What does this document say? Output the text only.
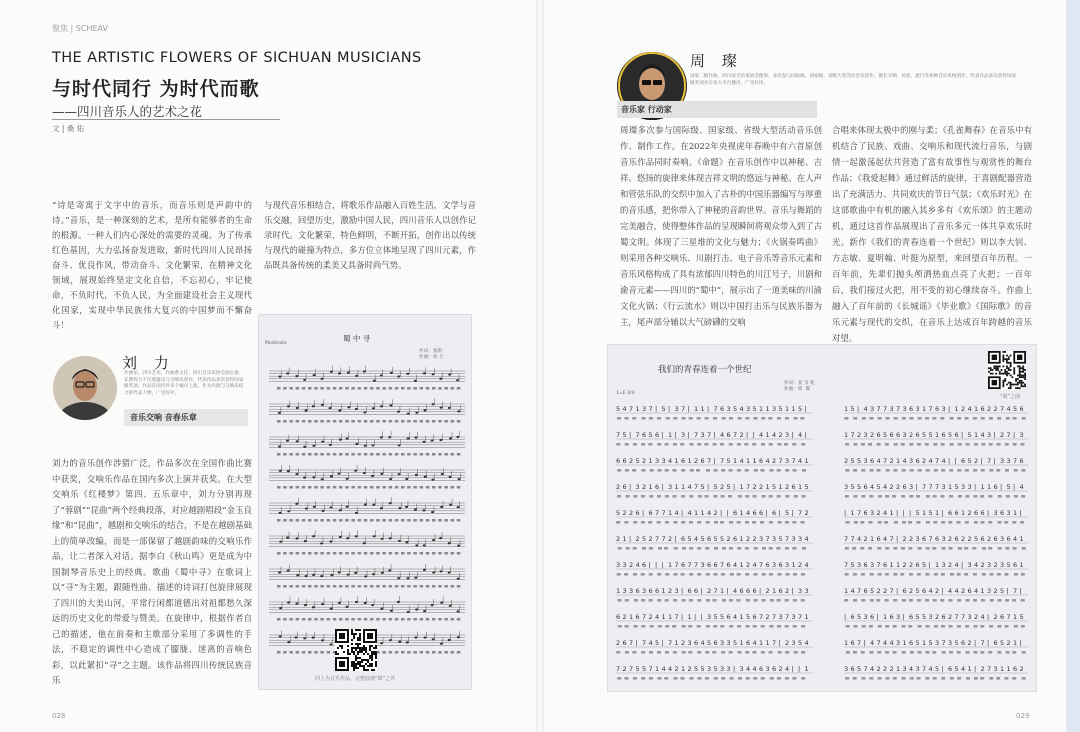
聚焦 | SCHEAV
THE ARTISTIC FLOWERS OF SICHUAN MUSICIANS
与时代同行 为时代而歌
——四川音乐人的艺术之花
文 | 桑 佑
“诗是寄寓于文字中的音乐，而音乐则是声韵中的诗。”音乐，是一种深刻的艺术，是所有能够者的生命的根源。一种人们内心深处的需要的灵魂。为了传承红色基因，大力弘扬奋发进取，新时代四川人民昂扬奋斗、优良作风，带动奋斗、文化繁荣，在精神文化领域，展现始终坚定文化自信，不忘初心，牢记使命，不负时代，不负人民，为全面建设社会主义现代化国家，实现中华民族伟大复兴的中国梦而不懈奋斗！
与现代音乐相结合，将歌乐作品融入百姓生活，文学与音乐交融，回望历史，激励中国人民，四川音乐人以创作记录时代。文化繁荣，特色鲜明，不断开拓，创作出以传统与现代的碰撞为特点，多方位立体地呈现了四川元素，作品既具备传统的柔美又具备时尚气势。
刘 力
作曲家，四川艺术、作曲系主任，四川音乐家协会副主席。长期致力于民族器乐与交响乐创作，代表作品多次获得国家级奖项，作品在国内外多个城市上演，作为川剧与交响乐结合的代表人物，广受好评。
音乐交响 音春乐章
刘力的音乐创作涉猎广泛，作品多次在全国作曲比赛中获奖，交响乐作品在国内多次上演并获奖。在大型交响乐《红楼梦》第四、五乐章中，刘力分别再现了“蓉剧”“昆曲”两个经典段落，对应越剧唱段“金玉良缘”和“昆曲”，越剧和交响乐的结合，不是在越剧基础上的简单改编，而是一部保留了越剧韵味的交响乐作品，让二者深入对话。据李白《秋山鸣》更是成为中国制琴音乐史上的经典。歌曲《蜀中寻》在歌词上以“寻”为主题，跟随性曲、描述的诗词打包旋律展现了四川的大美山河，平常行闲都道德出对祖都愁久深远的历史文化的带爱与赞美。在旋律中，根据作者自己的描述，他在前奏和主歌部分采用了多调性的手法，不稳定的调性中心造成了朦胧、迷离的音响色彩，以此紧扣“寻”之主题。该作品将四川传统民族音乐
蜀 中 寻
作词：张蔚
作曲：刘 力
Moderato
同上为音乐作品，完整曲谱“蜀”之外
周 璨
国家二级作曲，四川省音乐家协会理事，多次参与国际级、国家级、省级大型活动音乐创作。擅长交响、民族、流行等多种音乐风格创作，代表作品多次获得国家级奖项并在各大平台播出，广受好评。
音乐家 行动家
周璨多次参与国际级、国家级、省级大型活动音乐创作、制作工作。在2022年央视虎年春晚中有六首原创音乐作品同时奏响。《命题》在音乐创作中以神秘、吉祥、悠扬的旋律来体现吉祥文明的悠远与神秘。在人声和管弦乐队的交织中加入了古朴的中国乐器编写与厚重的音乐感，把你带入了神秘的音韵世界。音乐与舞蹈的完美融合，使得整体作品的呈现瞬间将观众带入到了古蜀文明。体现了三星堆的文化与魅力；《火锅奏鸣曲》则采用各种交响乐、川剧打击、电子音乐等音乐元素和音乐风格构成了具有浓郁四川特色的川江号子，川剧和渝音元素——四川的“蜀中”，展示出了一道美味的川渝文化火锅；《行云流水》则以中国打击乐与民族乐器为主，尾声部分辅以大气磅礴的交响
合唱来体现太极中的刚与柔；《孔雀舞春》在音乐中有机结合了民族、戏曲、交响乐和现代流行音乐，与剧情一起激荡起伏共营造了富有故事性与观赏性的舞台作品；《我爱起舞》通过鲜活的旋律，于喜剧配器营造出了充满活力、共同欢庆的节日气氛；《欢乐时光》在这部歌曲中有机的融入其乡多有《欢乐颂》的主题动机，通过这首作品展现出了音乐多元一体共享欢乐时光。新作《我们的青春连着一个世纪》则以李大钊、方志敏、夏明翰、叶挺为原型，来回望百年历程。一百年前，先辈们抛头颅洒热血点亮了火把；一百年后，我们接过火把，用不变的初心继续奋斗。作曲上融入了百年前的《长城谣》《毕业歌》《国际歌》的音乐元素与现代的交织，在音乐上达成百年跨越的音乐对望。
我们的青春连着一个世纪
作词：姜 韦 苑
作曲：周  璨
1=E 4/4
5 4 7 1 3 7 | 5 | 3 7 | 1 1 | 7 6 3 5 4 3 5 1 1 3 5 1 1 5 |
7 5 | 7 6 5 6 | 1 | 3 | 7 3 7 | 4 6 7 2 | | 4 1 4 2 3 | 4 |
6 6 2 5 2 1 3 3 4 1 6 1 2 6 7 | 7 5 1 4 1 1 6 4 2 7 3 7 4 1
2 6 | 3 2 1 6 | 3 1 1 4 7 5 | 5 2 5 | 1 7 2 2 1 5 1 2 6 1 5
5 2 2 6 | 6 7 7 1 4 | 4 1 1 4 2 | | 6 1 4 6 6 | 6 | 5 | 7 2
2 1 | 2 5 2 7 7 2 | 6 5 4 5 6 5 5 2 6 1 2 2 3 7 3 5 7 3 3 4
3 3 2 4 6 | | | 1 7 6 7 7 3 6 6 7 6 4 1 2 4 7 6 3 6 3 1 2 4
1 3 3 6 3 6 6 1 2 3 | 6 6 | 2 7 1 | 4 6 6 6 | 2 1 6 2 | 3 3
6 2 1 6 7 2 4 1 1 7 | 1 | | 3 5 5 6 4 1 5 6 7 2 7 3 7 3 7 1
2 6 7 | 7 4 5 | 7 1 2 3 6 4 5 6 3 3 5 1 6 4 1 1 7 | 2 3 5 4
7 2 7 5 5 7 1 4 4 2 1 2 5 5 3 5 3 3 | 3 4 4 6 3 6 2 4 | | 1
1 5 | 4 3 7 7 3 7 3 6 3 1 7 6 3 | 1 2 4 1 6 2 2 7 4 5 6
1 7 2 3 2 6 5 6 6 3 2 6 5 5 1 6 5 6 | 5 1 4 3 | 2 7 | 3
2 5 5 3 6 4 7 2 1 4 3 6 2 4 7 4 | | 6 5 2 | 7 | 3 3 7 6
3 5 5 6 4 5 4 2 2 6 3 | 7 7 7 3 1 5 3 3 | 1 1 6 | 5 | 4
| 1 7 6 3 2 4 1 | | | 5 1 5 1 | 6 6 1 2 6 6 | 3 6 3 1 |
7 7 4 2 1 6 4 7 | 2 2 3 6 7 6 3 2 6 2 2 5 6 2 6 3 6 4 1
7 5 3 6 3 7 6 1 1 2 2 6 5 | 1 3 2 4 | 3 4 2 3 2 3 5 6 1
1 4 7 6 5 2 2 7 | 6 2 5 6 4 2 | 4 4 2 6 4 1 3 2 5 | 7 |
| 6 5 3 6 | 1 6 3 | 6 5 5 3 2 6 2 7 7 3 2 4 | 2 6 7 1 5
1 6 7 | 4 7 4 4 3 1 6 5 1 5 3 7 3 5 6 2 | 7 | 6 5 2 1 |
3 6 5 7 4 2 2 2 1 3 4 3 7 4 5 | 6 5 4 1 | 2 7 3 1 1 6 2
“蜀”之曲
028	029
